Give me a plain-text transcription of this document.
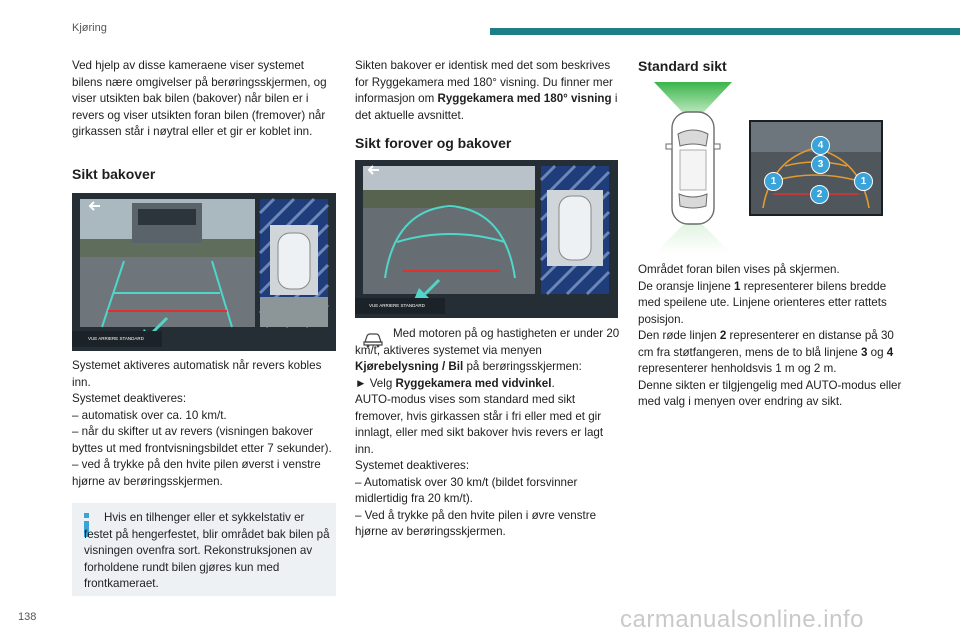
Kjøring

Ved hjelp av disse kameraene viser systemet bilens nære omgivelser på berøringsskjermen, og viser utsikten bak bilen (bakover) når bilen er i revers og viser utsikten foran bilen (fremover) når girkassen står i nøytral eller et gir er koblet inn.

Sikt bakover
VUE ARRIERE STANDARD

Systemet aktiveres automatisk når revers kobles inn.

Systemet deaktiveres:

– automatisk over ca. 10 km/t.

– når du skifter ut av revers (visningen bakover byttes ut med frontvisningsbildet etter 7 sekunder).

– ved å trykke på den hvite pilen øverst i venstre hjørne av berøringsskjermen.

Hvis en tilhenger eller et sykkelstativ er festet på hengerfestet, blir området bak bilen på visningen ovenfra sort. Rekonstruksjonen av forholdene rundt bilen gjøres kun med frontkameraet.

Sikten bakover er identisk med det som beskrives for Ryggekamera med 180° visning. Du finner mer informasjon om Ryggekamera med 180° visning i det aktuelle avsnittet.

Sikt forover og bakover
VUE ARRIERE STANDARD

Med motoren på og hastigheten er under 20 km/t, aktiveres systemet via menyen Kjørebelysning / Bil på berøringsskjermen:

► Velg Ryggekamera med vidvinkel.

AUTO-modus vises som standard med sikt fremover, hvis girkassen står i fri eller med et gir innlagt, eller med sikt bakover hvis revers er lagt inn.

Systemet deaktiveres:

– Automatisk over 30 km/t (bildet forsvinner midlertidig fra 20 km/t).

– Ved å trykke på den hvite pilen i øvre venstre hjørne av berøringsskjermen.

Standard sikt
1
2
1
3
4

Området foran bilen vises på skjermen.

De oransje linjene 1 representerer bilens bredde med speilene ute. Linjene orienteres etter rattets posisjon.

Den røde linjen 2 representerer en distanse på 30 cm fra støtfangeren, mens de to blå linjene 3 og 4 representerer henholdsvis 1 m og 2 m.

Denne sikten er tilgjengelig med AUTO-modus eller med valg i menyen over endring av sikt.

138	carmanualsonline.info
